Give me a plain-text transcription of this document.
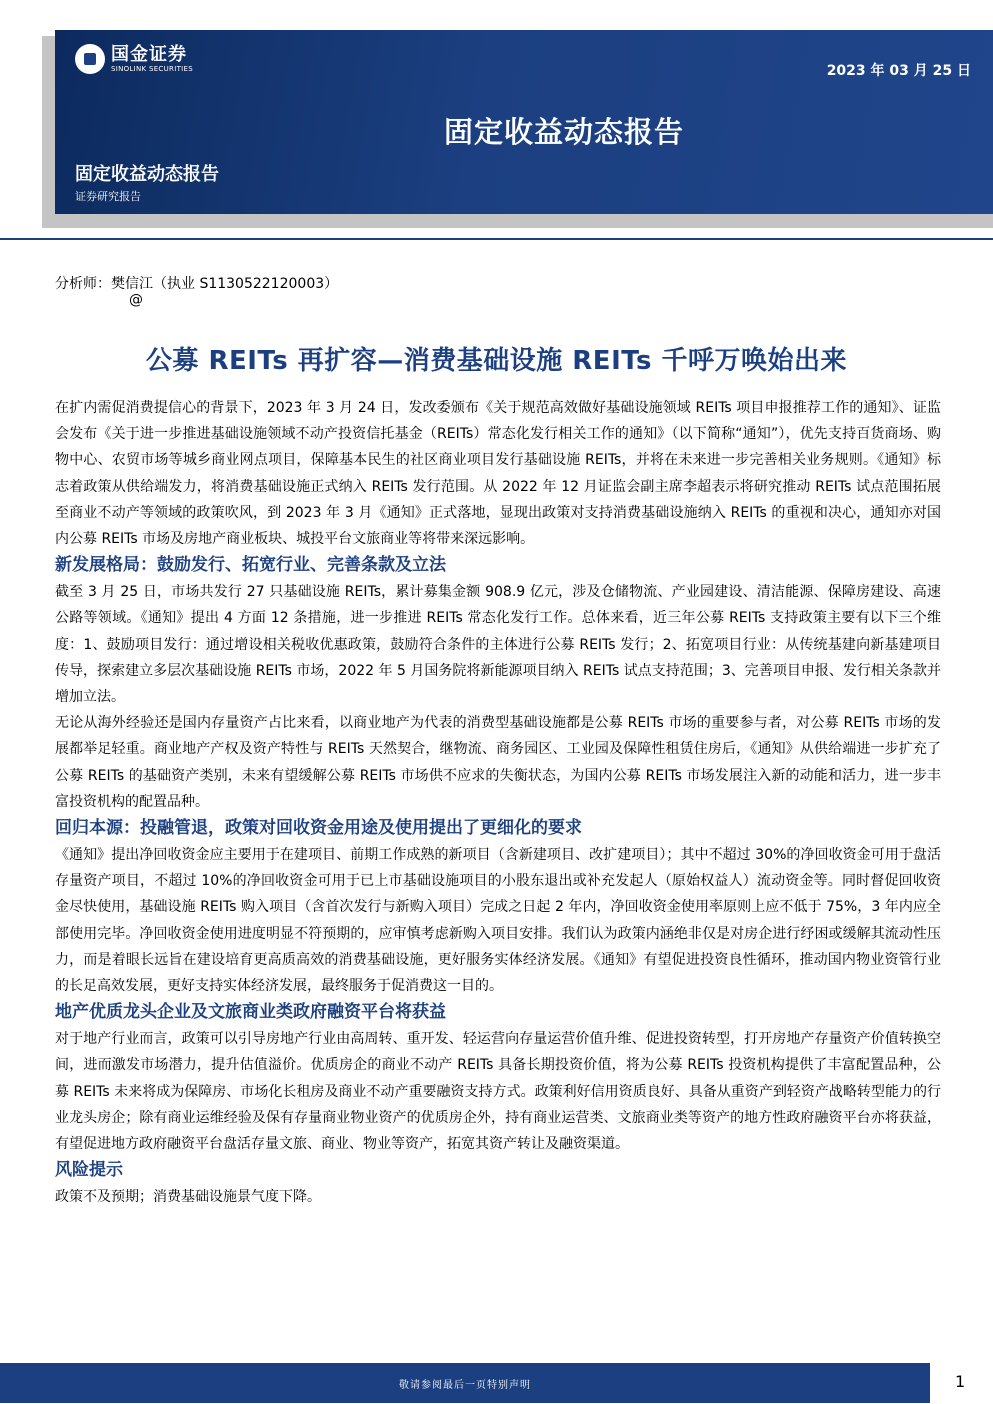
国金证券
SINOLINK SECURITIES	2023 年 03 月 25 日
固定收益动态报告
固定收益动态报告
证券研究报告
分析师：樊信江（执业 S1130522120003）
@
公募 REITs 再扩容—消费基础设施 REITs 千呼万唤始出来

在扩内需促消费提信心的背景下，2023 年 3 月 24 日，发改委颁布《关于规范高效做好基础设施领域 REITs 项目申报推荐工作的通知》、证监会发布《关于进一步推进基础设施领域不动产投资信托基金（REITs）常态化发行相关工作的通知》（以下简称“通知”），优先支持百货商场、购物中心、农贸市场等城乡商业网点项目，保障基本民生的社区商业项目发行基础设施 REITs，并将在未来进一步完善相关业务规则。《通知》标志着政策从供给端发力，将消费基础设施正式纳入 REITs 发行范围。从 2022 年 12 月证监会副主席李超表示将研究推动 REITs 试点范围拓展至商业不动产等领域的政策吹风，到 2023 年 3 月《通知》正式落地，显现出政策对支持消费基础设施纳入 REITs 的重视和决心，通知亦对国内公募 REITs 市场及房地产商业板块、城投平台文旅商业等将带来深远影响。

新发展格局：鼓励发行、拓宽行业、完善条款及立法

截至 3 月 25 日，市场共发行 27 只基础设施 REITs，累计募集金额 908.9 亿元，涉及仓储物流、产业园建设、清洁能源、保障房建设、高速公路等领域。《通知》提出 4 方面 12 条措施，进一步推进 REITs 常态化发行工作。总体来看，近三年公募 REITs 支持政策主要有以下三个维度：1、鼓励项目发行：通过增设相关税收优惠政策，鼓励符合条件的主体进行公募 REITs 发行；2、拓宽项目行业：从传统基建向新基建项目传导，探索建立多层次基础设施 REITs 市场，2022 年 5 月国务院将新能源项目纳入 REITs 试点支持范围；3、完善项目申报、发行相关条款并增加立法。

无论从海外经验还是国内存量资产占比来看，以商业地产为代表的消费型基础设施都是公募 REITs 市场的重要参与者，对公募 REITs 市场的发展都举足轻重。商业地产产权及资产特性与 REITs 天然契合，继物流、商务园区、工业园及保障性租赁住房后，《通知》从供给端进一步扩充了公募 REITs 的基础资产类别，未来有望缓解公募 REITs 市场供不应求的失衡状态，为国内公募 REITs 市场发展注入新的动能和活力，进一步丰富投资机构的配置品种。

回归本源：投融管退，政策对回收资金用途及使用提出了更细化的要求

《通知》提出净回收资金应主要用于在建项目、前期工作成熟的新项目（含新建项目、改扩建项目）；其中不超过 30%的净回收资金可用于盘活存量资产项目，不超过 10%的净回收资金可用于已上市基础设施项目的小股东退出或补充发起人（原始权益人）流动资金等。同时督促回收资金尽快使用，基础设施 REITs 购入项目（含首次发行与新购入项目）完成之日起 2 年内，净回收资金使用率原则上应不低于 75%，3 年内应全部使用完毕。净回收资金使用进度明显不符预期的，应审慎考虑新购入项目安排。我们认为政策内涵绝非仅是对房企进行纾困或缓解其流动性压力，而是着眼长远旨在建设培育更高质高效的消费基础设施，更好服务实体经济发展。《通知》有望促进投资良性循环，推动国内物业资管行业的长足高效发展，更好支持实体经济发展，最终服务于促消费这一目的。

地产优质龙头企业及文旅商业类政府融资平台将获益

对于地产行业而言，政策可以引导房地产行业由高周转、重开发、轻运营向存量运营价值升维、促进投资转型，打开房地产存量资产价值转换空间，进而激发市场潜力，提升估值溢价。优质房企的商业不动产 REITs 具备长期投资价值，将为公募 REITs 投资机构提供了丰富配置品种，公募 REITs 未来将成为保障房、市场化长租房及商业不动产重要融资支持方式。政策利好信用资质良好、具备从重资产到轻资产战略转型能力的行业龙头房企；除有商业运维经验及保有存量商业物业资产的优质房企外，持有商业运营类、文旅商业类等资产的地方性政府融资平台亦将获益，有望促进地方政府融资平台盘活存量文旅、商业、物业等资产，拓宽其资产转让及融资渠道。

风险提示

政策不及预期；消费基础设施景气度下降。

敬请参阅最后一页特别声明	1
